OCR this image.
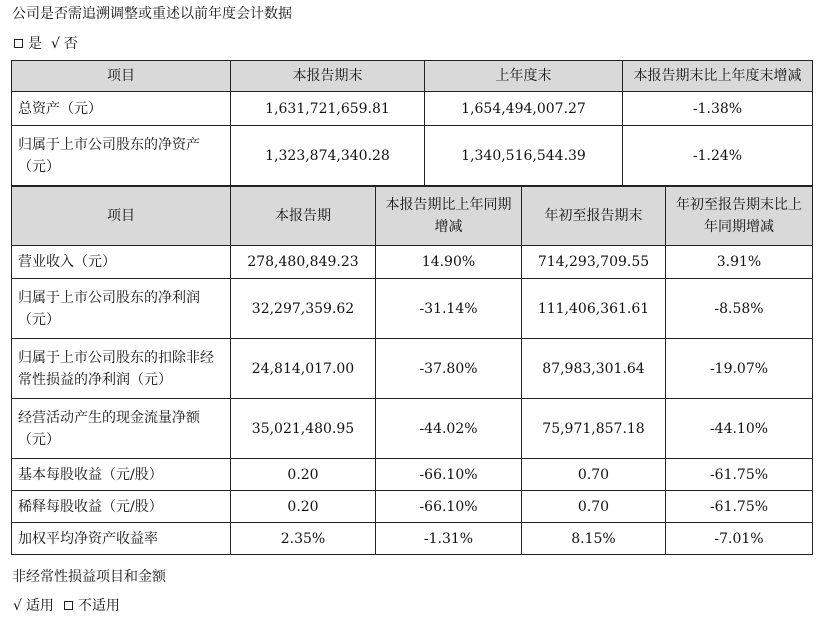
公司是否需追溯调整或重述以前年度会计数据
是 √ 否
项目	本报告期末	上年度末	本报告期末比上年度末增减
总资产（元）	1,631,721,659.81	1,654,494,007.27	-1.38%
归属于上市公司股东的净资产（元）	1,323,874,340.28	1,340,516,544.39	-1.24%
项目	本报告期	本报告期比上年同期增减	年初至报告期末	年初至报告期末比上年同期增减
营业收入（元）	278,480,849.23	14.90%	714,293,709.55	3.91%
归属于上市公司股东的净利润（元）	32,297,359.62	-31.14%	111,406,361.61	-8.58%
归属于上市公司股东的扣除非经常性损益的净利润（元）	24,814,017.00	-37.80%	87,983,301.64	-19.07%
经营活动产生的现金流量净额（元）	35,021,480.95	-44.02%	75,971,857.18	-44.10%
基本每股收益（元/股）	0.20	-66.10%	0.70	-61.75%
稀释每股收益（元/股）	0.20	-66.10%	0.70	-61.75%
加权平均净资产收益率	2.35%	-1.31%	8.15%	-7.01%
非经常性损益项目和金额
√ 适用 不适用
